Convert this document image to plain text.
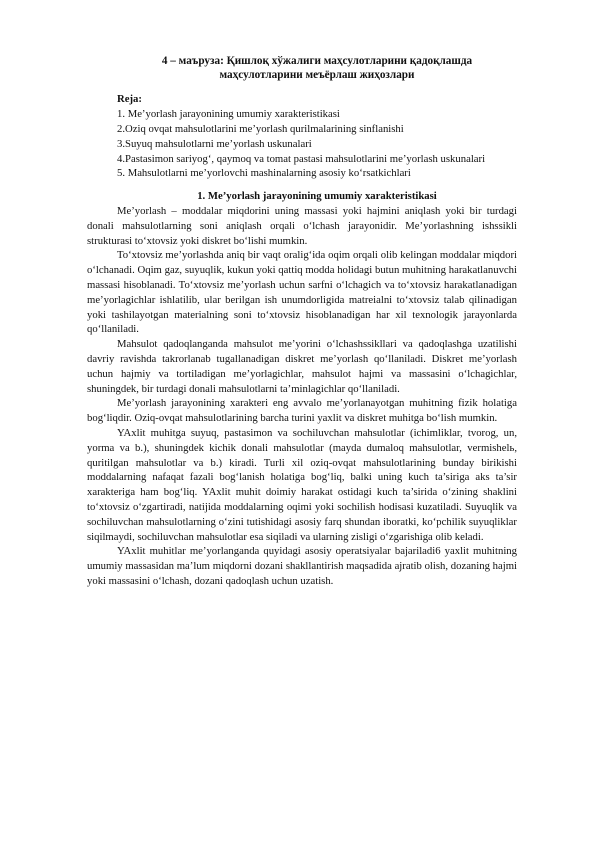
4 – маъруза: Қишлоқ хўжалиги маҳсулотларини қадоқлашда
маҳсулотларини меъёрлаш жиҳозлари
Reja:
1. Me’yorlash jarayonining umumiy xarakteristikasi
2.Oziq ovqat mahsulotlarini me’yorlash qurilmalarining sinflanishi
3.Suyuq mahsulotlarni me’yorlash uskunalari
4.Pastasimon sariyog‘, qaymoq va tomat pastasi mahsulotlarini me’yorlash uskunalari
5. Mahsulotlarni me’yorlovchi mashinalarning asosiy ko‘rsatkichlari
1. Me’yorlash jarayonining umumiy xarakteristikasi

Me’yorlash – moddalar miqdorini uning massasi yoki hajmini aniqlash yoki bir turdagi donali mahsulotlarning soni aniqlash orqali o‘lchash jarayonidir. Me’yorlashning ishssikli strukturasi to‘xtovsiz yoki diskret bo‘lishi mumkin.

To‘xtovsiz me’yorlashda aniq bir vaqt oralig‘ida oqim orqali olib kelingan moddalar miqdori o‘lchanadi. Oqim gaz, suyuqlik, kukun yoki qattiq modda holidagi butun muhitning harakatlanuvchi massasi hisoblanadi. To‘xtovsiz me’yorlash uchun sarfni o‘lchagich va to‘xtovsiz harakatlanadigan me’yorlagichlar ishlatilib, ular berilgan ish unumdorligida matreialni to‘xtovsiz talab qilinadigan yoki tashilayotgan materialning soni to‘xtovsiz hisoblanadigan har xil texnologik jarayonlarda qo‘llaniladi.

Mahsulot qadoqlanganda mahsulot me’yorini o‘lchashssikllari va qadoqlashga uzatilishi davriy ravishda takrorlanab tugallanadigan diskret me’yorlash qo‘llaniladi. Diskret me’yorlash uchun hajmiy va tortiladigan me’yorlagichlar, mahsulot hajmi va massasini o‘lchagichlar, shuningdek, bir turdagi donali mahsulotlarni ta’minlagichlar qo‘llaniladi.

Me’yorlash jarayonining xarakteri eng avvalo me’yorlanayotgan muhitning fizik holatiga bog‘liqdir. Oziq-ovqat mahsulotlarining barcha turini yaxlit va diskret muhitga bo‘lish mumkin.

YAxlit muhitga suyuq, pastasimon va sochiluvchan mahsulotlar (ichimliklar, tvorog, un, yorma va b.), shuningdek kichik donali mahsulotlar (mayda dumaloq mahsulotlar, vermishelь, quritilgan mahsulotlar va b.) kiradi. Turli xil oziq-ovqat mahsulotlarining bunday birikishi moddalarning nafaqat fazali bog‘lanish holatiga bog‘liq, balki uning kuch ta’siriga aks ta’sir xarakteriga ham bog‘liq. YAxlit muhit doimiy harakat ostidagi kuch ta’sirida o‘zining shaklini to‘xtovsiz o‘zgartiradi, natijida moddalarning oqimi yoki sochilish hodisasi kuzatiladi. Suyuqlik va sochiluvchan mahsulotlarning o‘zini tutishidagi asosiy farq shundan iboratki, ko‘pchilik suyuqliklar siqilmaydi, sochiluvchan mahsulotlar esa siqiladi va ularning zisligi o‘zgarishiga olib keladi.

YAxlit muhitlar me’yorlanganda quyidagi asosiy operatsiyalar bajariladi6 yaxlit muhitning umumiy massasidan ma’lum miqdorni dozani shakllantirish maqsadida ajratib olish, dozaning hajmi yoki massasini o‘lchash, dozani qadoqlash uchun uzatish.
